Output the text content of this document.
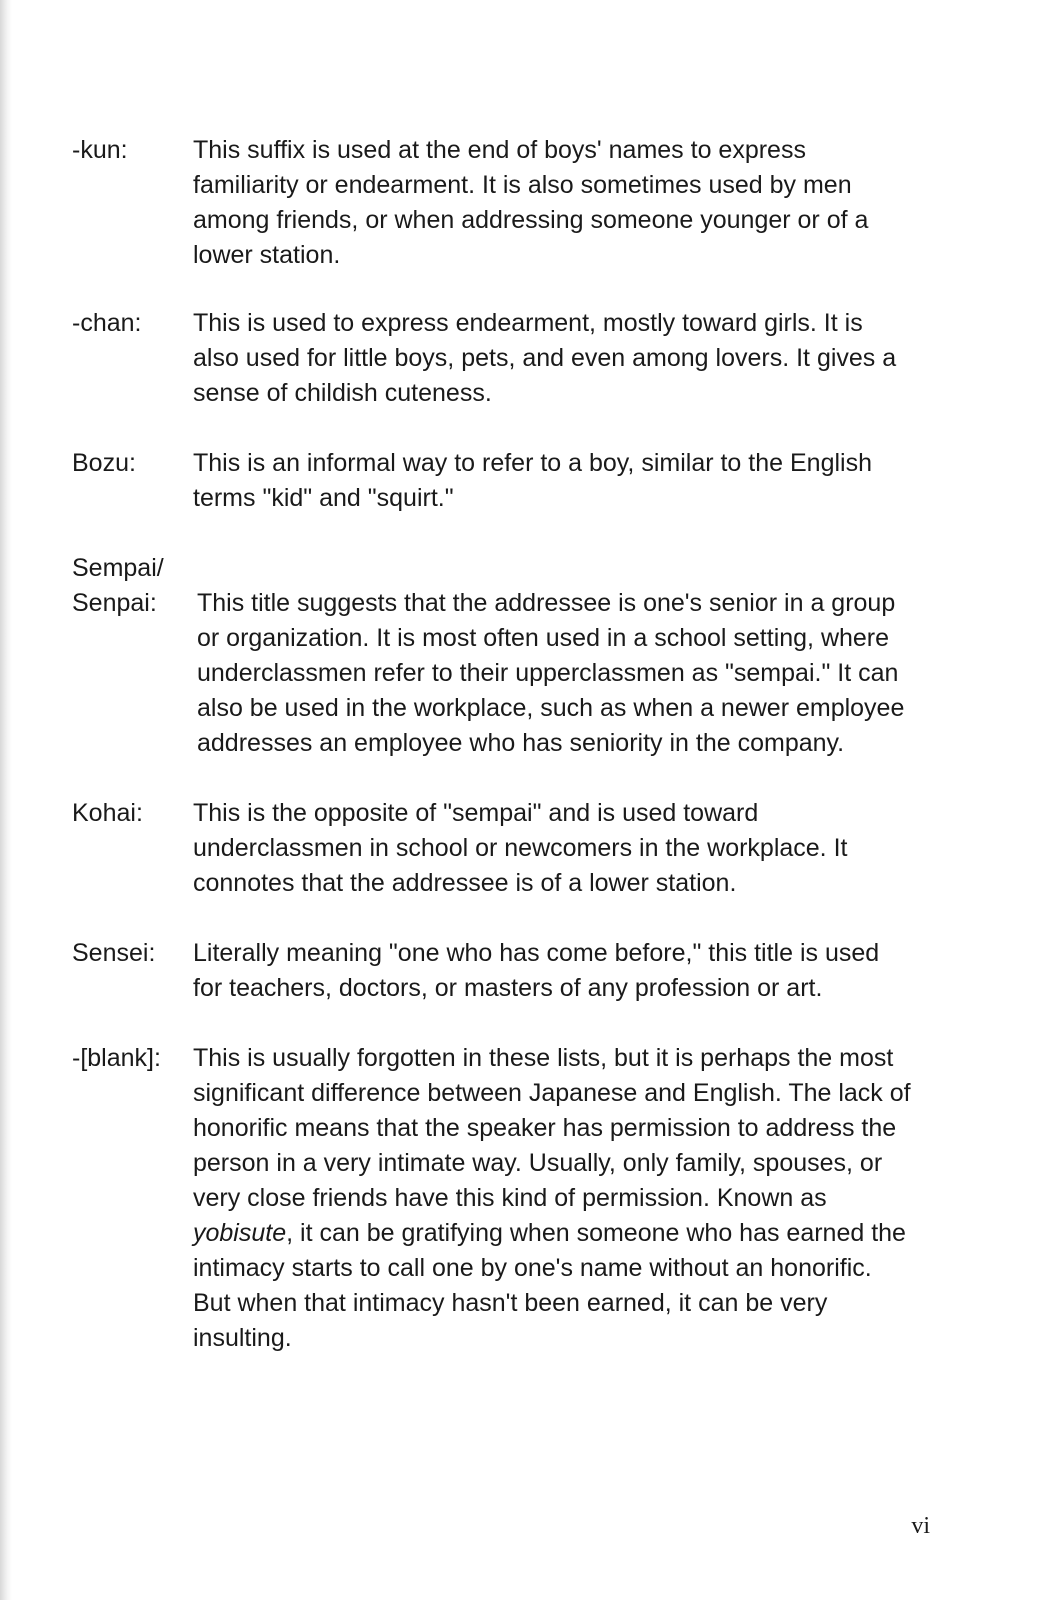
-kun:	This suffix is used at the end of boys' names to express familiarity or endearment. It is also sometimes used by men among friends, or when addressing someone younger or of a lower station.
-chan:	This is used to express endearment, mostly toward girls. It is also used for little boys, pets, and even among lovers. It gives a sense of childish cuteness.
Bozu:	This is an informal way to refer to a boy, similar to the English terms "kid" and "squirt."
Sempai/
Senpai:	This title suggests that the addressee is one's senior in a group or organization. It is most often used in a school setting, where underclassmen refer to their upperclassmen as "sempai." It can also be used in the workplace, such as when a newer employee addresses an employee who has seniority in the company.
Kohai:	This is the opposite of "sempai" and is used toward underclassmen in school or newcomers in the workplace. It connotes that the addressee is of a lower station.
Sensei:	Literally meaning "one who has come before," this title is used for teachers, doctors, or masters of any profession or art.
-[blank]:	This is usually forgotten in these lists, but it is perhaps the most significant difference between Japanese and English. The lack of honorific means that the speaker has permission to address the person in a very intimate way. Usually, only family, spouses, or very close friends have this kind of permission. Known as yobisute, it can be gratifying when someone who has earned the intimacy starts to call one by one's name without an honorific. But when that intimacy hasn't been earned, it can be very insulting.
vi
